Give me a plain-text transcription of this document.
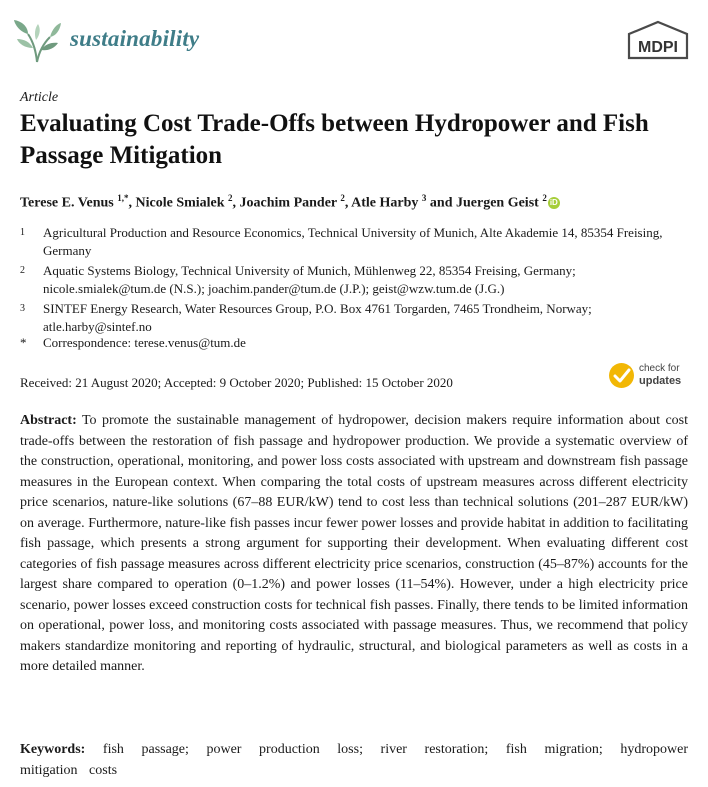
sustainability	MDPI
Article
Evaluating Cost Trade-Offs between Hydropower and Fish Passage Mitigation
Terese E. Venus $^{1,*}$, Nicole Smialek $^2$, Joachim Pander $^2$, Atle Harby $^3$ and Juergen Geist $^2$ iD
1 Agricultural Production and Resource Economics, Technical University of Munich, Alte Akademie 14, 85354 Freising, Germany
2 Aquatic Systems Biology, Technical University of Munich, Mühlenweg 22, 85354 Freising, Germany; nicole.smialek@tum.de (N.S.); joachim.pander@tum.de (J.P.); geist@wzw.tum.de (J.G.)
3 SINTEF Energy Research, Water Resources Group, P.O. Box 4761 Torgarden, 7465 Trondheim, Norway; atle.harby@sintef.no
* Correspondence: terese.venus@tum.de
Received: 21 August 2020; Accepted: 9 October 2020; Published: 15 October 2020
check for
updates

Abstract: To promote the sustainable management of hydropower, decision makers require information about cost trade-offs between the restoration of fish passage and hydropower production. We provide a systematic overview of the construction, operational, monitoring, and power loss costs associated with upstream and downstream fish passage measures in the European context. When comparing the total costs of upstream measures across different electricity price scenarios, nature-like solutions (67–88 EUR/kW) tend to cost less than technical solutions (201–287 EUR/kW) on average. Furthermore, nature-like fish passes incur fewer power losses and provide habitat in addition to facilitating fish passage, which presents a strong argument for supporting their development. When evaluating different cost categories of fish passage measures across different electricity price scenarios, construction (45–87%) accounts for the largest share compared to operation (0–1.2%) and power losses (11–54%). However, under a high electricity price scenario, power losses exceed construction costs for technical fish passes. Finally, there tends to be limited information on operational, power loss, and monitoring costs associated with passage measures. Thus, we recommend that policy makers standardize monitoring and reporting of hydraulic, structural, and biological parameters as well as costs in a more detailed manner.

Keywords: fish passage; power production loss; river restoration; fish migration; hydropower mitigation costs
